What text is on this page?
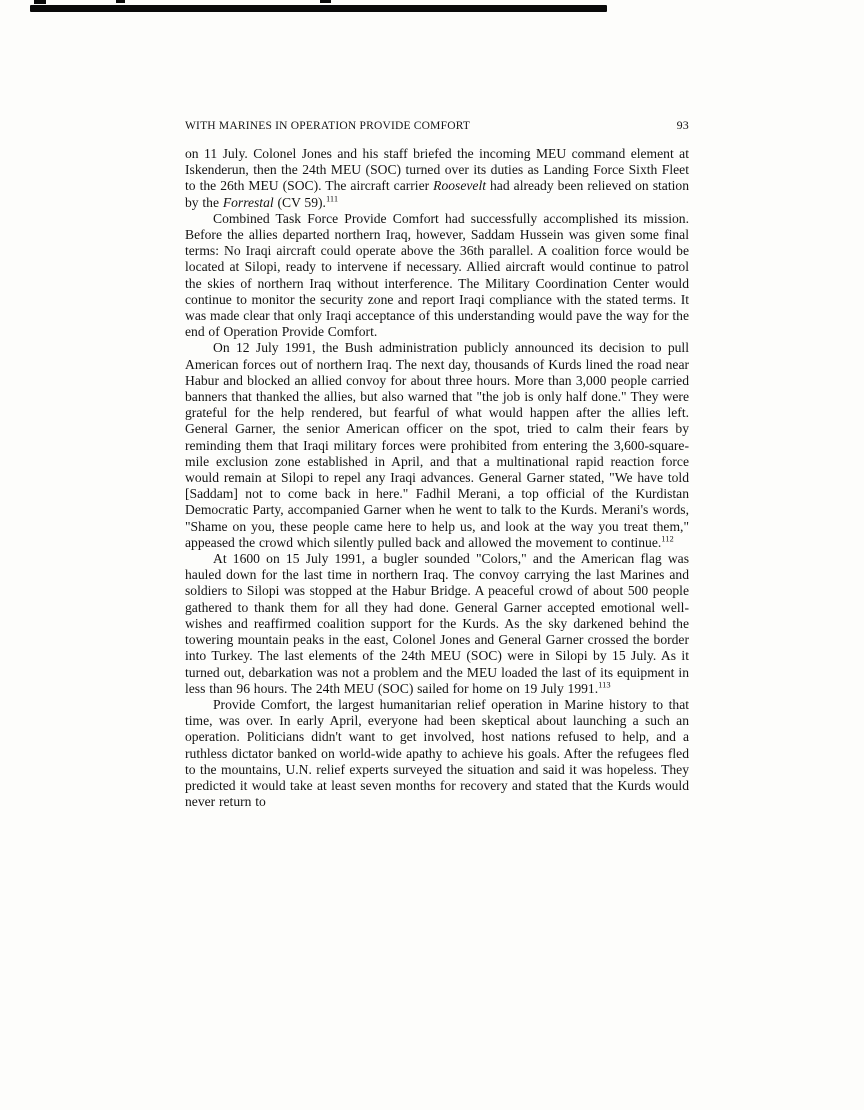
WITH MARINES IN OPERATION PROVIDE COMFORT	93

on 11 July. Colonel Jones and his staff briefed the incoming MEU command element at Iskenderun, then the 24th MEU (SOC) turned over its duties as Landing Force Sixth Fleet to the 26th MEU (SOC). The aircraft carrier Roosevelt had already been relieved on station by the Forrestal (CV 59).$^{111}$

Combined Task Force Provide Comfort had successfully accomplished its mission. Before the allies departed northern Iraq, however, Saddam Hussein was given some final terms: No Iraqi aircraft could operate above the 36th parallel. A coalition force would be located at Silopi, ready to intervene if necessary. Allied aircraft would continue to patrol the skies of northern Iraq without interference. The Military Coordination Center would continue to monitor the security zone and report Iraqi compliance with the stated terms. It was made clear that only Iraqi acceptance of this understanding would pave the way for the end of Operation Provide Comfort.

On 12 July 1991, the Bush administration publicly announced its decision to pull American forces out of northern Iraq. The next day, thousands of Kurds lined the road near Habur and blocked an allied convoy for about three hours. More than 3,000 people carried banners that thanked the allies, but also warned that "the job is only half done." They were grateful for the help rendered, but fearful of what would happen after the allies left. General Garner, the senior American officer on the spot, tried to calm their fears by reminding them that Iraqi military forces were prohibited from entering the 3,600-square-mile exclusion zone established in April, and that a multinational rapid reaction force would remain at Silopi to repel any Iraqi advances. General Garner stated, "We have told [Saddam] not to come back in here." Fadhil Merani, a top official of the Kurdistan Democratic Party, accompanied Garner when he went to talk to the Kurds. Merani's words, "Shame on you, these people came here to help us, and look at the way you treat them," appeased the crowd which silently pulled back and allowed the movement to continue.$^{112}$

At 1600 on 15 July 1991, a bugler sounded "Colors," and the American flag was hauled down for the last time in northern Iraq. The convoy carrying the last Marines and soldiers to Silopi was stopped at the Habur Bridge. A peaceful crowd of about 500 people gathered to thank them for all they had done. General Garner accepted emotional well-wishes and reaffirmed coalition support for the Kurds. As the sky darkened behind the towering mountain peaks in the east, Colonel Jones and General Garner crossed the border into Turkey. The last elements of the 24th MEU (SOC) were in Silopi by 15 July. As it turned out, debarkation was not a problem and the MEU loaded the last of its equipment in less than 96 hours. The 24th MEU (SOC) sailed for home on 19 July 1991.$^{113}$

Provide Comfort, the largest humanitarian relief operation in Marine history to that time, was over. In early April, everyone had been skeptical about launching a such an operation. Politicians didn't want to get involved, host nations refused to help, and a ruthless dictator banked on world-wide apathy to achieve his goals. After the refugees fled to the mountains, U.N. relief experts surveyed the situation and said it was hopeless. They predicted it would take at least seven months for recovery and stated that the Kurds would never return to
